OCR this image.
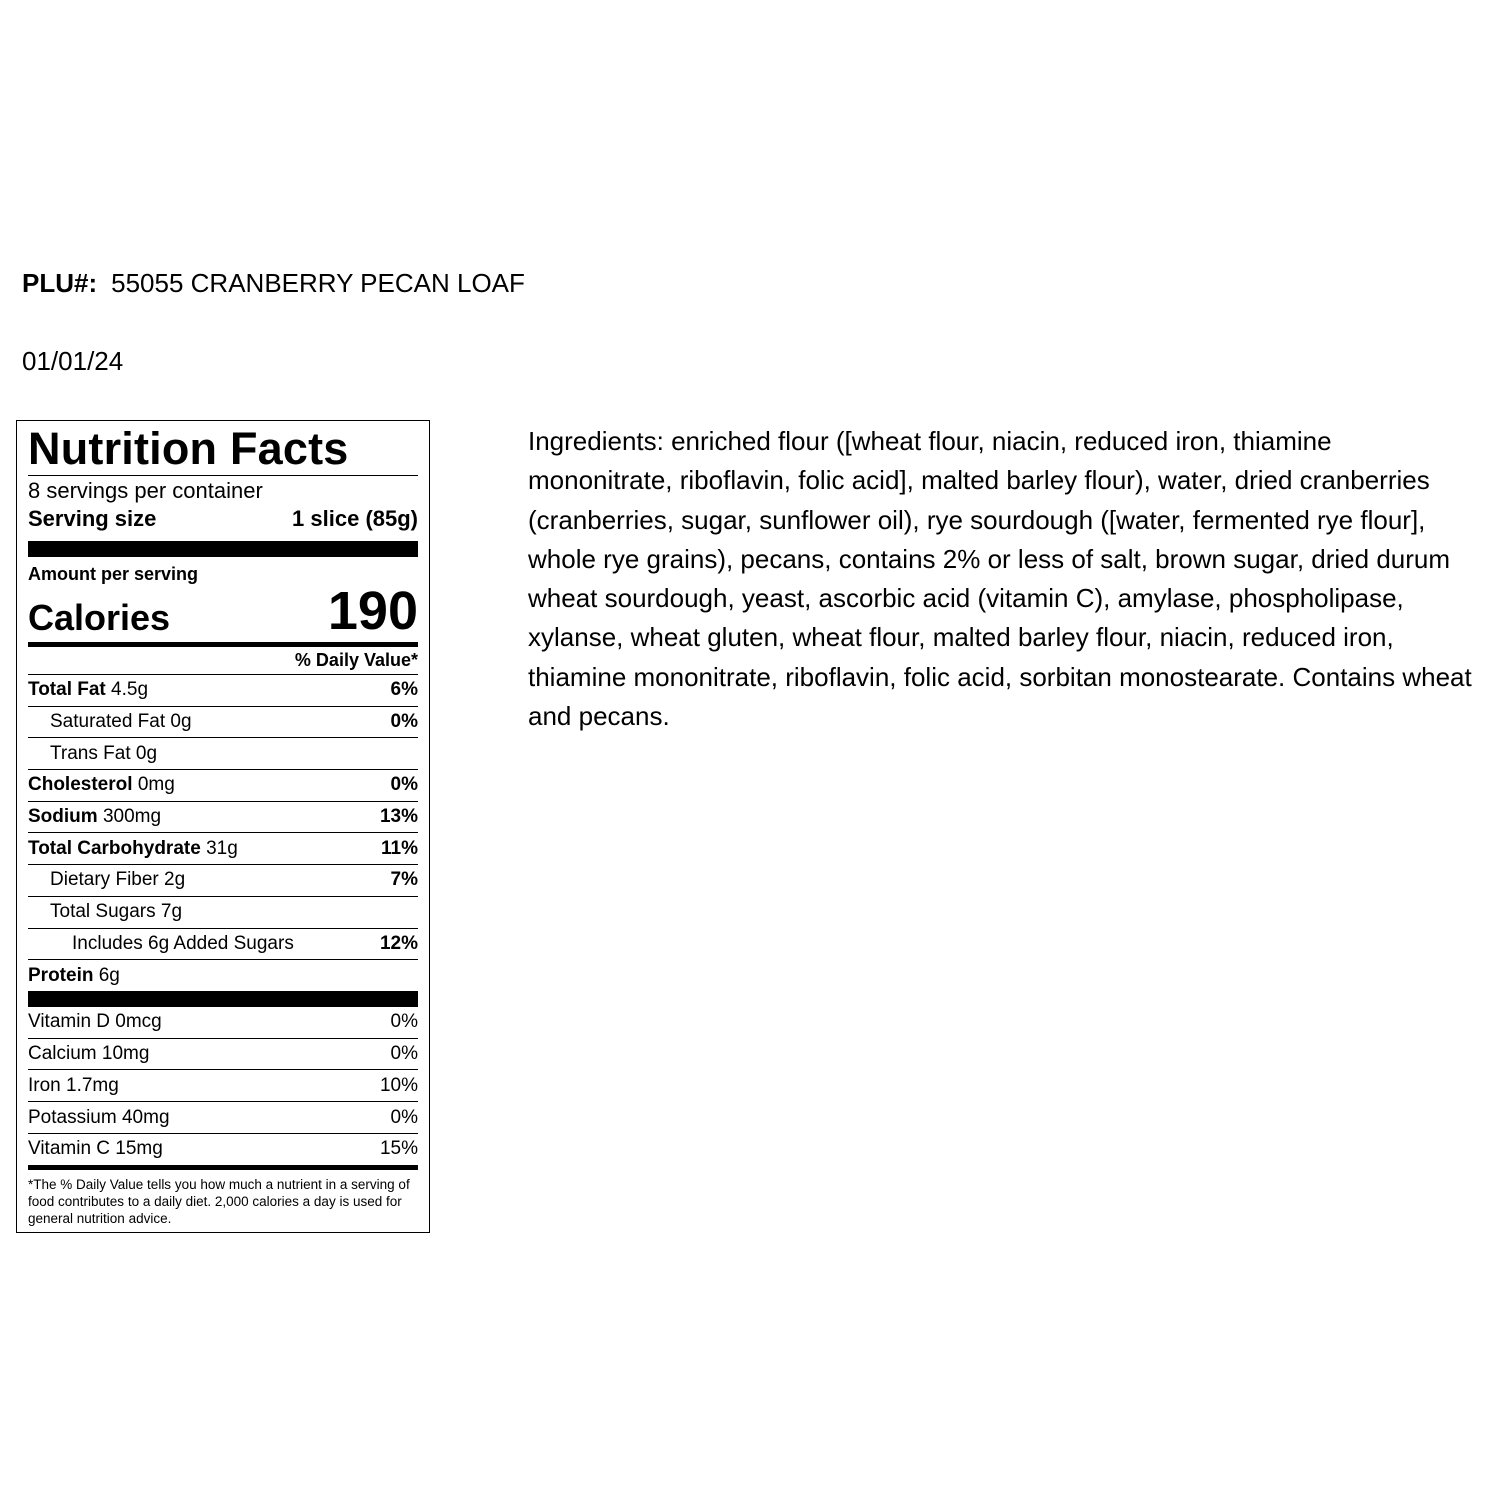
PLU#: 55055 CRANBERRY PECAN LOAF
01/01/24
Nutrition Facts
8 servings per container
Serving size	1 slice (85g)
Amount per serving
Calories	190
% Daily Value*
Total Fat 4.5g	6%
Saturated Fat 0g	0%
Trans Fat 0g
Cholesterol 0mg	0%
Sodium 300mg	13%
Total Carbohydrate 31g	11%
Dietary Fiber 2g	7%
Total Sugars 7g
Includes 6g Added Sugars	12%
Protein 6g
Vitamin D 0mcg	0%
Calcium 10mg	0%
Iron 1.7mg	10%
Potassium 40mg	0%
Vitamin C 15mg	15%
*The % Daily Value tells you how much a nutrient in a serving of food contributes to a daily diet. 2,000 calories a day is used for general nutrition advice.
Ingredients: enriched flour ([wheat flour, niacin, reduced iron, thiamine mononitrate, riboflavin, folic acid], malted barley flour), water, dried cranberries (cranberries, sugar, sunflower oil), rye sourdough ([water, fermented rye flour], whole rye grains), pecans, contains 2% or less of salt, brown sugar, dried durum wheat sourdough, yeast, ascorbic acid (vitamin C), amylase, phospholipase, xylanse, wheat gluten, wheat flour, malted barley flour, niacin, reduced iron, thiamine mononitrate, riboflavin, folic acid, sorbitan monostearate. Contains wheat and pecans.
